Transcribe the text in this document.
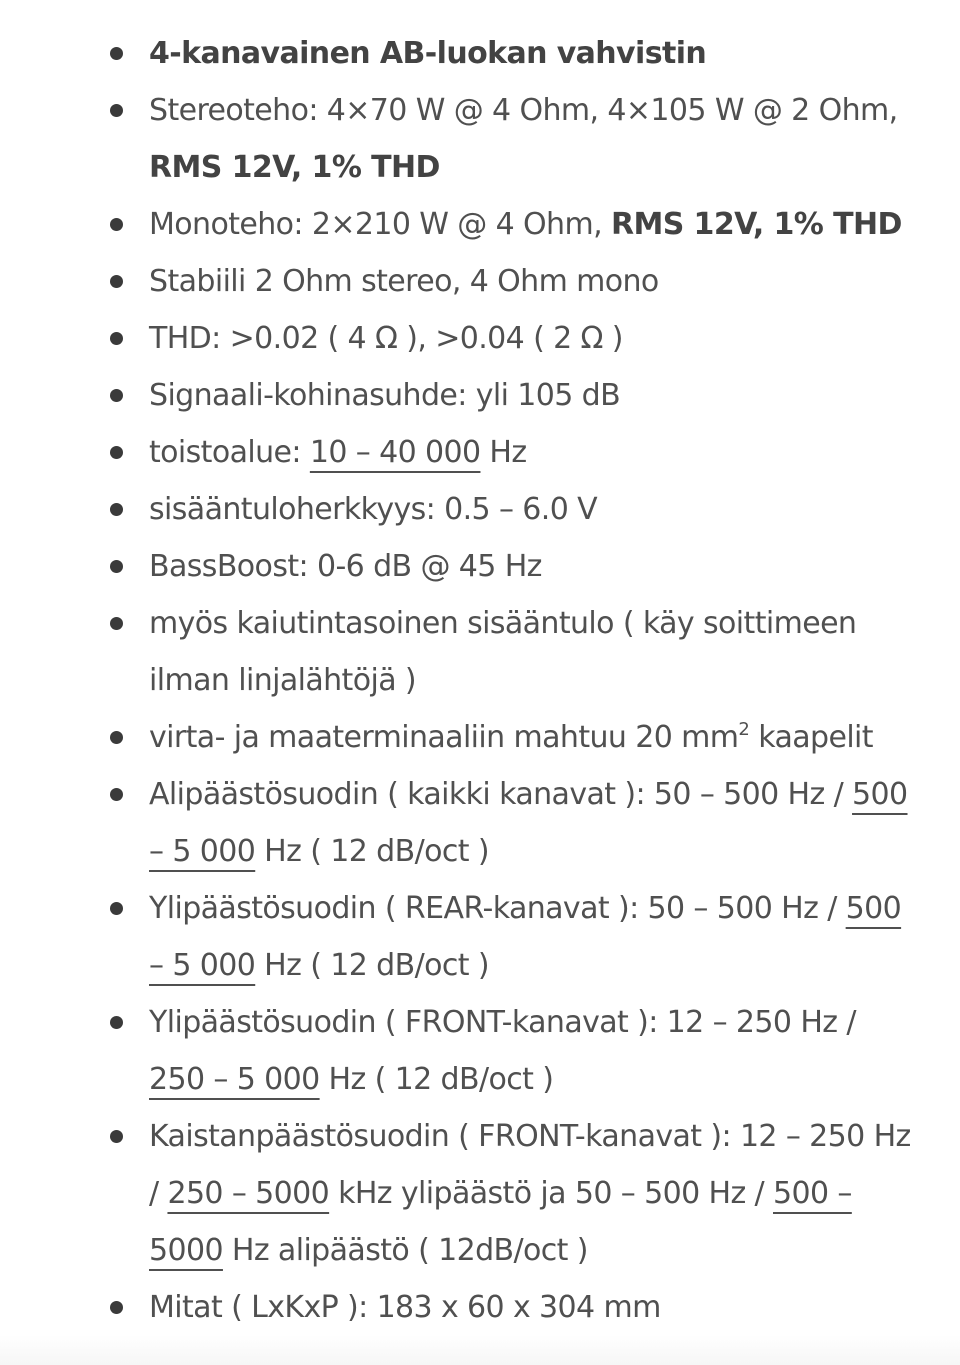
4-kanavainen AB-luokan vahvistin
Stereoteho: 4×70 W @ 4 Ohm, 4×105 W @ 2 Ohm, RMS 12V, 1% THD
Monoteho: 2×210 W @ 4 Ohm, RMS 12V, 1% THD
Stabiili 2 Ohm stereo, 4 Ohm mono
THD: >0.02 ( 4 Ω ), >0.04 ( 2 Ω )
Signaali-kohinasuhde: yli 105 dB
toistoalue: 10 – 40 000 Hz
sisääntuloherkkyys: 0.5 – 6.0 V
BassBoost: 0-6 dB @ 45 Hz
myös kaiutintasoinen sisääntulo ( käy soittimeen ilman linjalähtöjä )
virta- ja maaterminaaliin mahtuu 20 $mm^2$ kaapelit
Alipäästösuodin ( kaikki kanavat ): 50 – 500 Hz / 500 – 5 000 Hz ( 12 dB/oct )
Ylipäästösuodin ( REAR-kanavat ): 50 – 500 Hz / 500 – 5 000 Hz ( 12 dB/oct )
Ylipäästösuodin ( FRONT-kanavat ): 12 – 250 Hz / 250 – 5 000 Hz ( 12 dB/oct )
Kaistanpäästösuodin ( FRONT-kanavat ): 12 – 250 Hz / 250 – 5000 kHz ylipäästö ja 50 – 500 Hz / 500 – 5000 Hz alipäästö ( 12dB/oct )
Mitat ( LxKxP ): 183 x 60 x 304 mm
